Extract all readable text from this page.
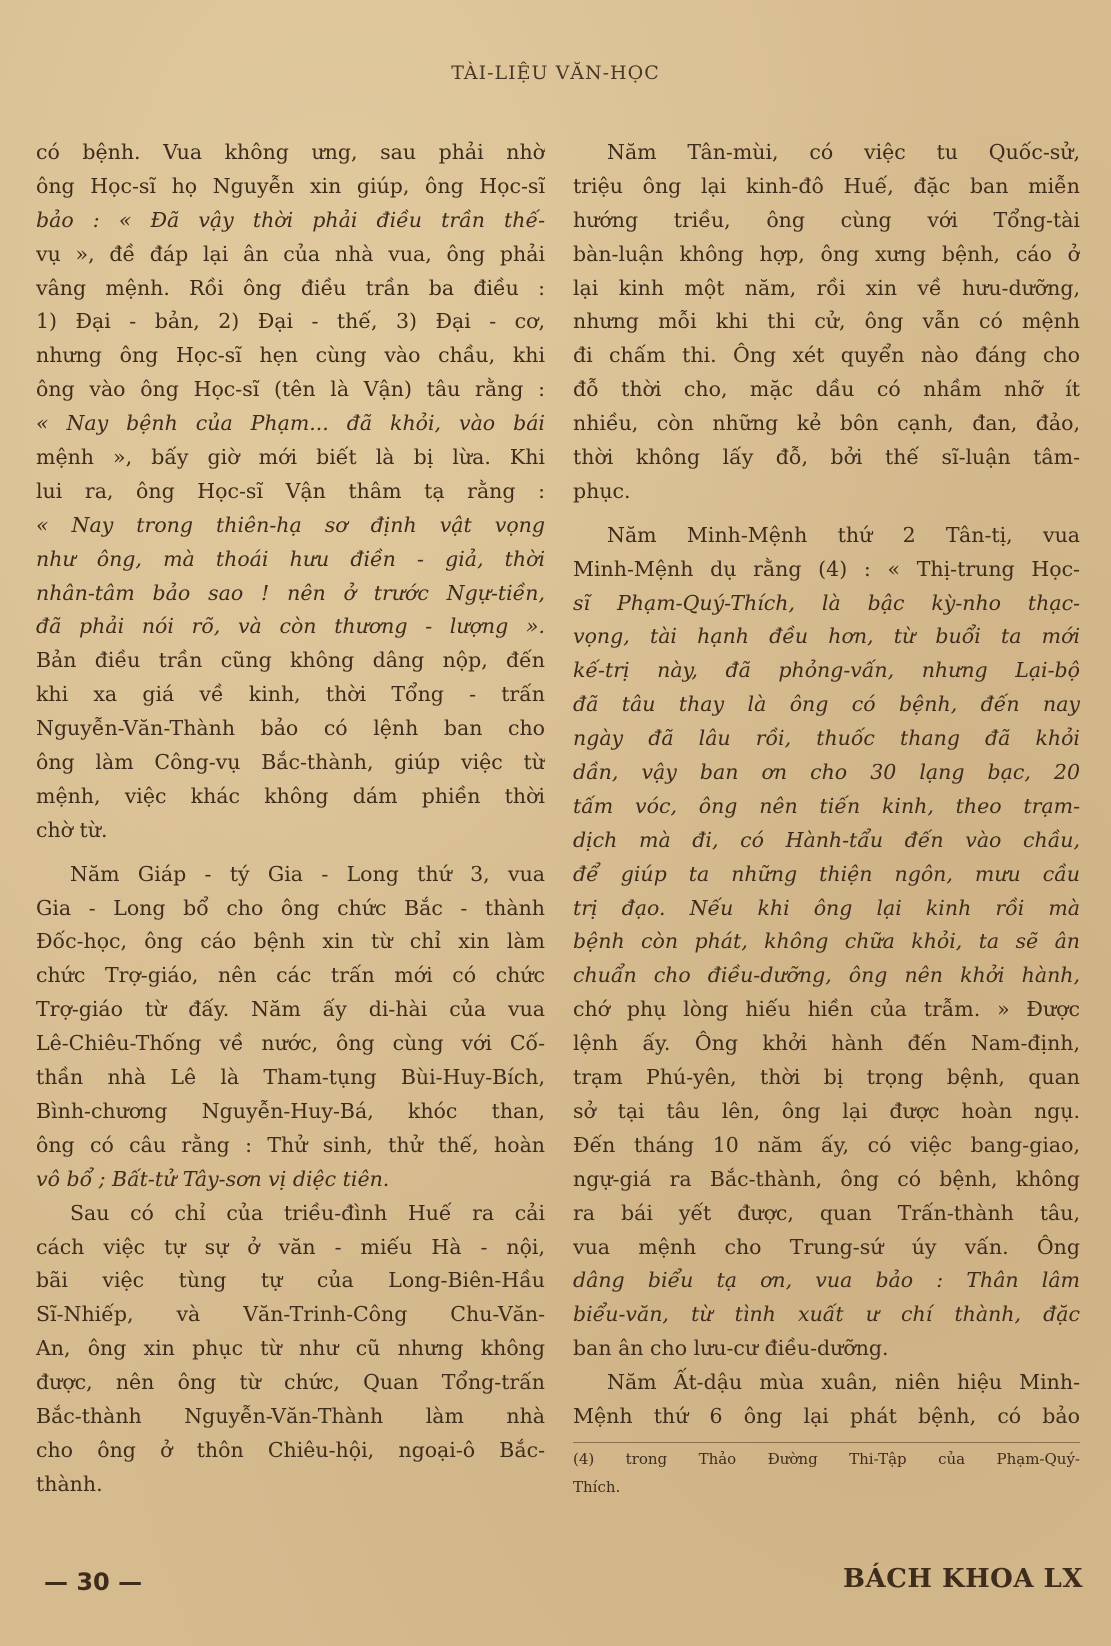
TÀI-LIỆU VĂN-HỌC
có bệnh. Vua không ưng, sau phải nhờ
ông Học-sĩ họ Nguyễn xin giúp, ông Học-sĩ
bảo : « Đã vậy thời phải điều trần thế-
vụ », đề đáp lại ân của nhà vua, ông phải
vâng mệnh. Rồi ông điều trần ba điều :
1) Đại - bản, 2) Đại - thế, 3) Đại - cơ,
nhưng ông Học-sĩ hẹn cùng vào chầu, khi
ông vào ông Học-sĩ (tên là Vận) tâu rằng :
« Nay bệnh của Phạm... đã khỏi, vào bái
mệnh », bấy giờ mới biết là bị lừa. Khi
lui ra, ông Học-sĩ Vận thâm tạ rằng :
« Nay trong thiên-hạ sơ định vật vọng
như ông, mà thoái hưu điền - giả, thời
nhân-tâm bảo sao ! nên ở trước Ngự-tiền,
đã phải nói rõ, và còn thương - lượng ».
Bản điều trần cũng không dâng nộp, đến
khi xa giá về kinh, thời Tổng - trấn
Nguyễn-Văn-Thành bảo có lệnh ban cho
ông làm Công-vụ Bắc-thành, giúp việc từ
mệnh, việc khác không dám phiền thời
chờ từ.
Năm Giáp - tý Gia - Long thứ 3, vua
Gia - Long bổ cho ông chức Bắc - thành
Đốc-học, ông cáo bệnh xin từ chỉ xin làm
chức Trợ-giáo, nên các trấn mới có chức
Trợ-giáo từ đấy. Năm ấy di-hài của vua
Lê-Chiêu-Thống về nước, ông cùng với Cố-
thần nhà Lê là Tham-tụng Bùi-Huy-Bích,
Bình-chương Nguyễn-Huy-Bá, khóc than,
ông có câu rằng : Thử sinh, thử thế, hoàn
vô bổ ; Bất-tử Tây-sơn vị diệc tiên.
Sau có chỉ của triều-đình Huế ra cải
cách việc tự sự ở văn - miếu Hà - nội,
bãi việc tùng tự của Long-Biên-Hầu
Sĩ-Nhiếp, và Văn-Trinh-Công Chu-Văn-
An, ông xin phục từ như cũ nhưng không
được, nên ông từ chức, Quan Tổng-trấn
Bắc-thành Nguyễn-Văn-Thành làm nhà
cho ông ở thôn Chiêu-hội, ngoại-ô Bắc-
thành.
Năm Tân-mùi, có việc tu Quốc-sử,
triệu ông lại kinh-đô Huế, đặc ban miễn
hướng triều, ông cùng với Tổng-tài
bàn-luận không hợp, ông xưng bệnh, cáo ở
lại kinh một năm, rồi xin về hưu-dưỡng,
nhưng mỗi khi thi cử, ông vẫn có mệnh
đi chấm thi. Ông xét quyển nào đáng cho
đỗ thời cho, mặc dầu có nhầm nhỡ ít
nhiều, còn những kẻ bôn cạnh, đan, đảo,
thời không lấy đỗ, bởi thế sĩ-luận tâm-
phục.
Năm Minh-Mệnh thứ 2 Tân-tị, vua
Minh-Mệnh dụ rằng (4) : « Thị-trung Học-
sĩ Phạm-Quý-Thích, là bậc kỳ-nho thạc-
vọng, tài hạnh đều hơn, từ buổi ta mới
kế-trị này, đã phỏng-vấn, nhưng Lại-bộ
đã tâu thay là ông có bệnh, đến nay
ngày đã lâu rồi, thuốc thang đã khỏi
dần, vậy ban ơn cho 30 lạng bạc, 20
tấm vóc, ông nên tiến kinh, theo trạm-
dịch mà đi, có Hành-tẩu đến vào chầu,
để giúp ta những thiện ngôn, mưu cầu
trị đạo. Nếu khi ông lại kinh rồi mà
bệnh còn phát, không chữa khỏi, ta sẽ ân
chuẩn cho điều-dưỡng, ông nên khởi hành,
chớ phụ lòng hiếu hiền của trẫm. » Được
lệnh ấy. Ông khởi hành đến Nam-định,
trạm Phú-yên, thời bị trọng bệnh, quan
sở tại tâu lên, ông lại được hoàn ngụ.
Đến tháng 10 năm ấy, có việc bang-giao,
ngự-giá ra Bắc-thành, ông có bệnh, không
ra bái yết được, quan Trấn-thành tâu,
vua mệnh cho Trung-sứ úy vấn. Ông
dâng biểu tạ ơn, vua bảo : Thân lâm
biểu-văn, từ tình xuất ư chí thành, đặc
ban ân cho lưu-cư điều-dưỡng.
Năm Ất-dậu mùa xuân, niên hiệu Minh-
Mệnh thứ 6 ông lại phát bệnh, có bảo
(4) trong Thảo Đường Thi-Tập của Phạm-Quý-
Thích.
— 30 —	BÁCH KHOA LX
